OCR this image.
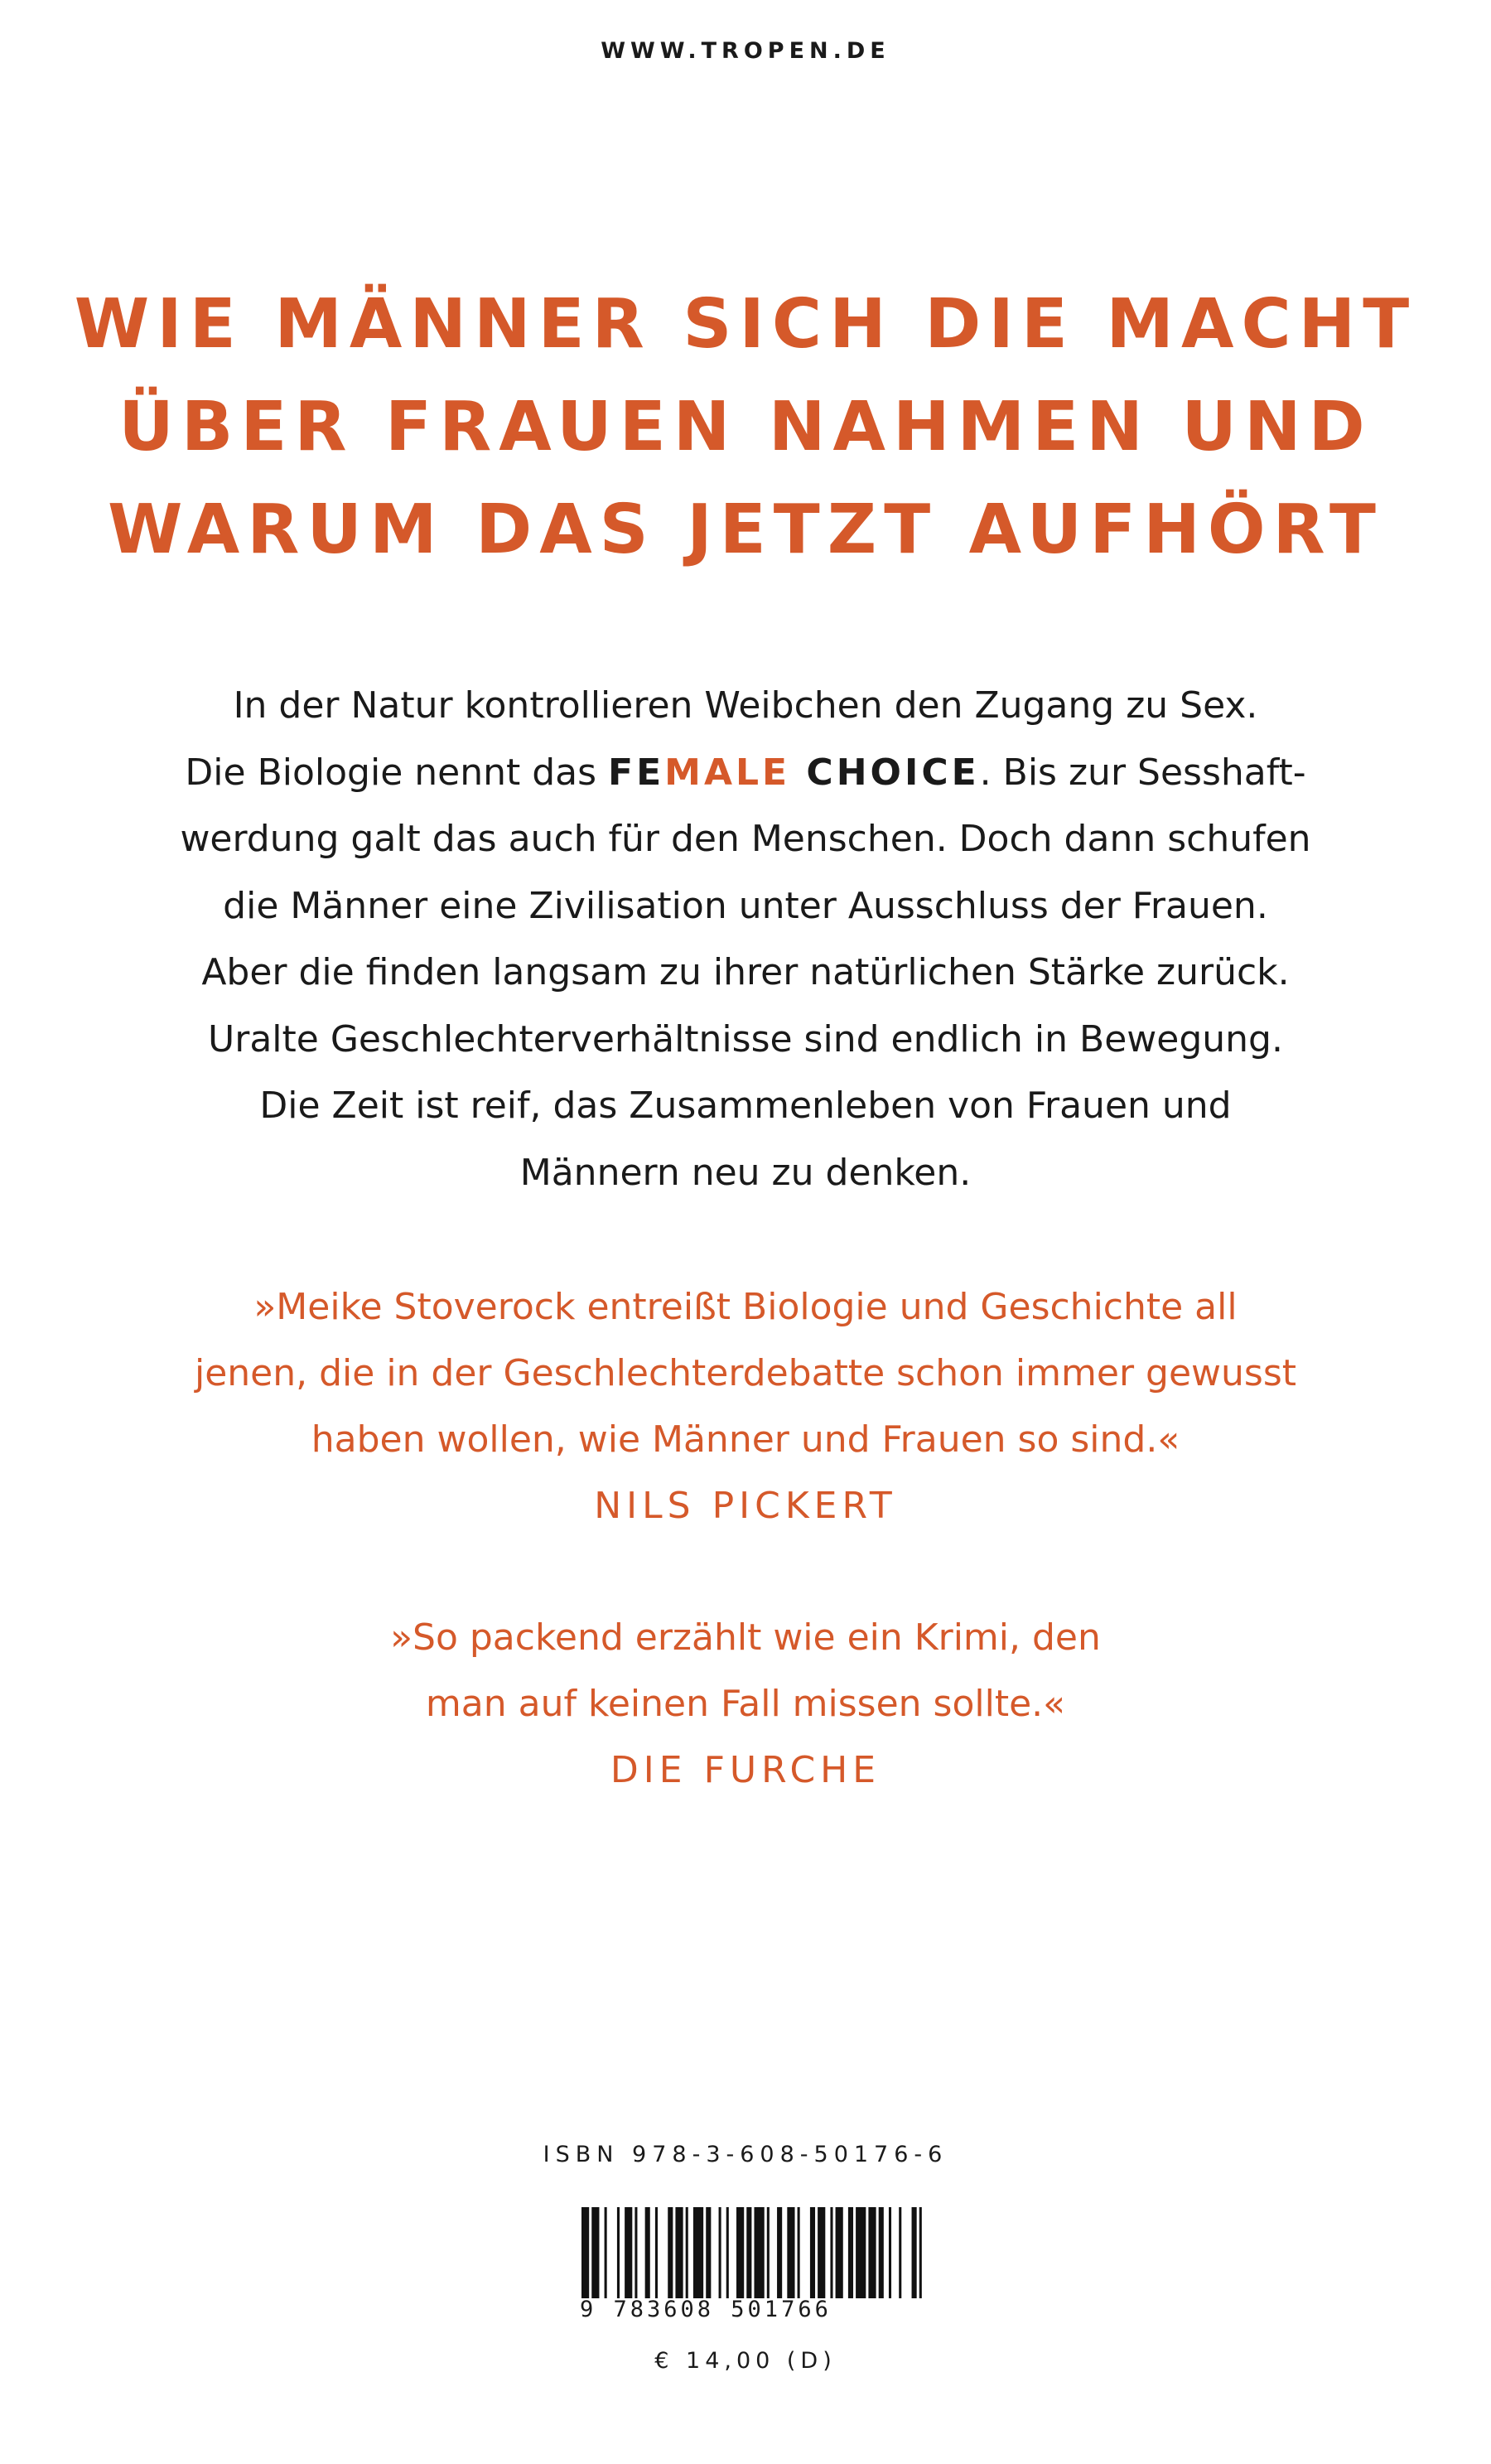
WWW.TROPEN.DE
WIE MÄNNER SICH DIE MACHT
ÜBER FRAUEN NAHMEN UND
WARUM DAS JETZT AUFHÖRT
In der Natur kontrollieren Weibchen den Zugang zu Sex.
Die Biologie nennt das FEMALE CHOICE. Bis zur Sesshaft-
werdung galt das auch für den Menschen. Doch dann schufen
die Männer eine Zivilisation unter Ausschluss der Frauen.
Aber die finden langsam zu ihrer natürlichen Stärke zurück.
Uralte Geschlechterverhältnisse sind endlich in Bewegung.
Die Zeit ist reif, das Zusammenleben von Frauen und
Männern neu zu denken.
»Meike Stoverock entreißt Biologie und Geschichte all
jenen, die in der Geschlechterdebatte schon immer gewusst
haben wollen, wie Männer und Frauen so sind.«
NILS PICKERT
»So packend erzählt wie ein Krimi, den
man auf keinen Fall missen sollte.«
DIE FURCHE
ISBN 978-3-608-50176-6
9 783608 501766
€ 14,00 (D)
